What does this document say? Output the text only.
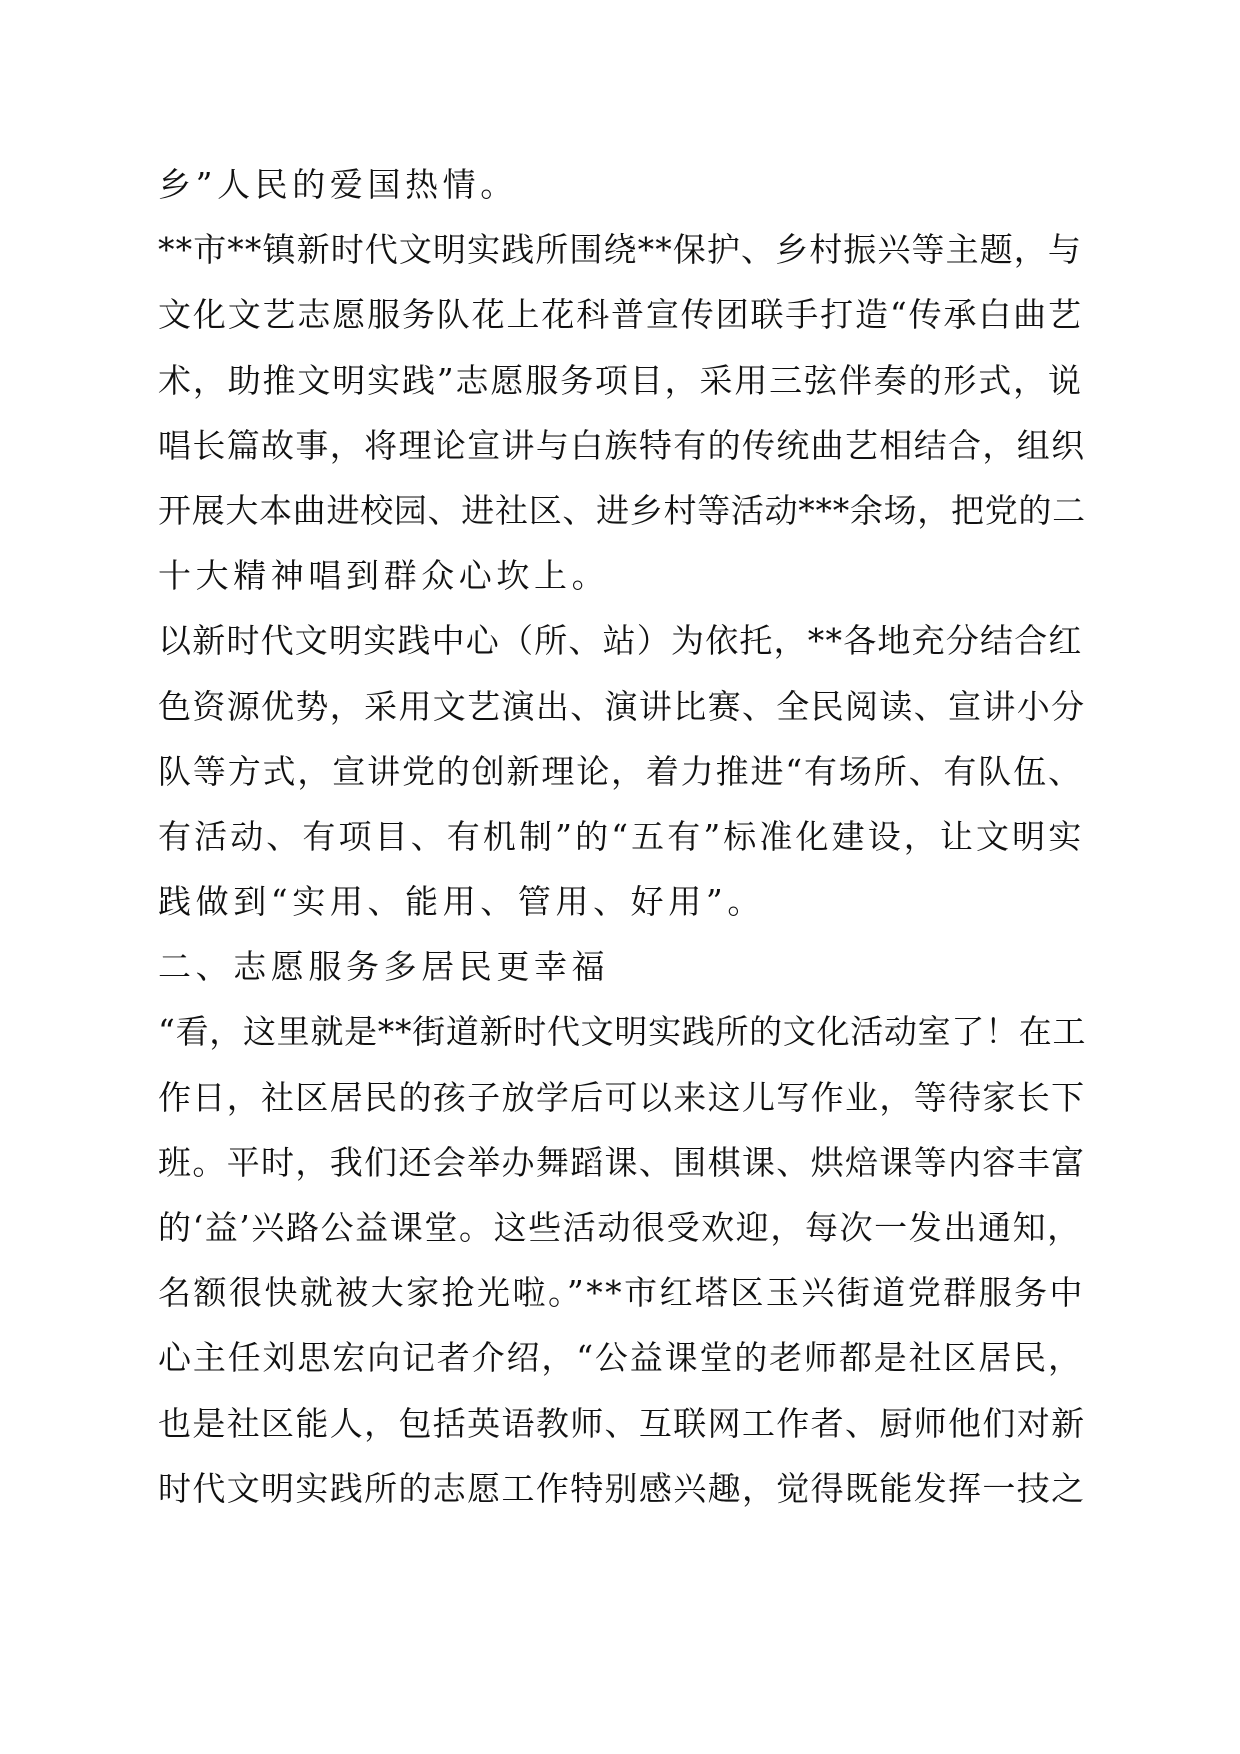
乡”人民的爱国热情。
**市**镇新时代文明实践所围绕**保护、乡村振兴等主题，与
文化文艺志愿服务队花上花科普宣传团联手打造“传承白曲艺
术，助推文明实践”志愿服务项目，采用三弦伴奏的形式，说
唱长篇故事，将理论宣讲与白族特有的传统曲艺相结合，组织
开展大本曲进校园、进社区、进乡村等活动***余场，把党的二
十大精神唱到群众心坎上。
以新时代文明实践中心（所、站）为依托，**各地充分结合红
色资源优势，采用文艺演出、演讲比赛、全民阅读、宣讲小分
队等方式，宣讲党的创新理论，着力推进“有场所、有队伍、
有活动、有项目、有机制”的“五有”标准化建设，让文明实
践做到“实用、能用、管用、好用”。
二、志愿服务多居民更幸福
“看，这里就是**街道新时代文明实践所的文化活动室了！在工
作日，社区居民的孩子放学后可以来这儿写作业，等待家长下
班。平时，我们还会举办舞蹈课、围棋课、烘焙课等内容丰富
的‘益’兴路公益课堂。这些活动很受欢迎，每次一发出通知，
名额很快就被大家抢光啦。”**市红塔区玉兴街道党群服务中
心主任刘思宏向记者介绍，“公益课堂的老师都是社区居民，
也是社区能人，包括英语教师、互联网工作者、厨师他们对新
时代文明实践所的志愿工作特别感兴趣，觉得既能发挥一技之
